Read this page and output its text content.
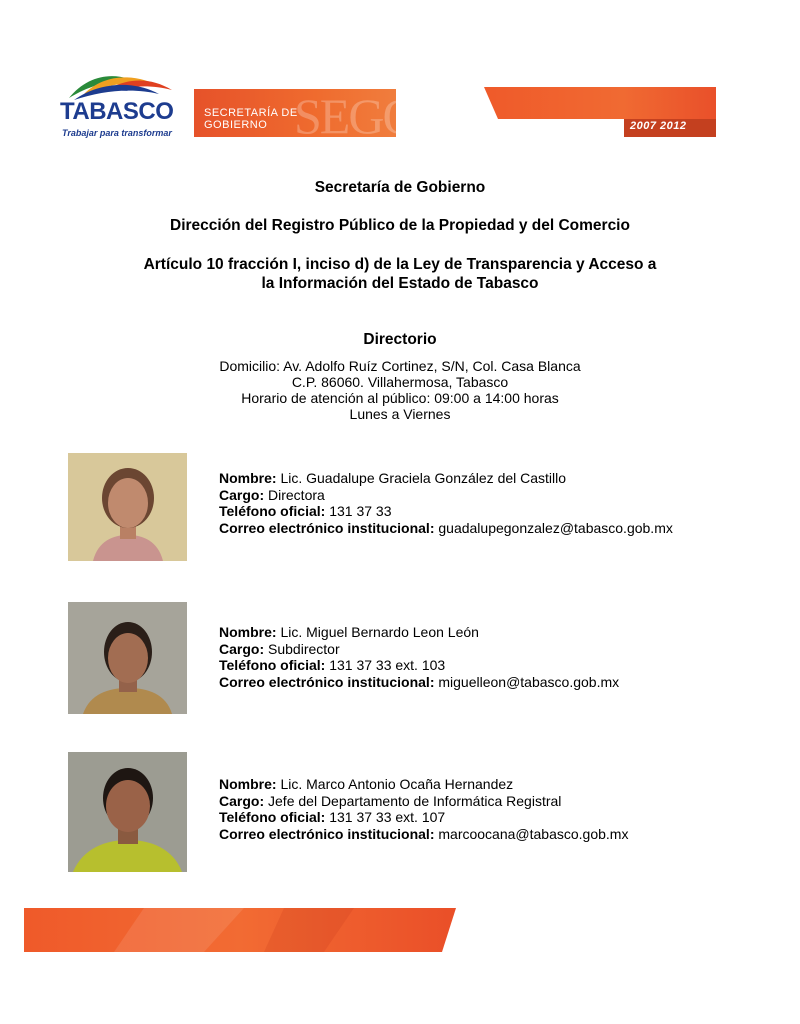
TABASCO
Trabajar para transformar SEGOB
SECRETARÍA DE
GOBIERNO	2007 2012
Secretaría de Gobierno
Dirección del Registro Público de la Propiedad y del Comercio
Artículo 10 fracción I, inciso d) de la Ley de Transparencia y Acceso a
la Información del Estado de Tabasco
Directorio
Domicilio: Av. Adolfo Ruíz Cortinez, S/N, Col. Casa Blanca
C.P. 86060. Villahermosa, Tabasco
Horario de atención al público: 09:00 a 14:00 horas
Lunes a Viernes
Nombre: Lic. Guadalupe Graciela González del Castillo
Cargo: Directora
Teléfono oficial: 131 37 33
Correo electrónico institucional: guadalupegonzalez@tabasco.gob.mx
Nombre: Lic. Miguel Bernardo Leon León
Cargo: Subdirector
Teléfono oficial: 131 37 33 ext. 103
Correo electrónico institucional: miguelleon@tabasco.gob.mx
Nombre: Lic. Marco Antonio Ocaña Hernandez
Cargo: Jefe del Departamento de Informática Registral
Teléfono oficial: 131 37 33 ext. 107
Correo electrónico institucional: marcoocana@tabasco.gob.mx
